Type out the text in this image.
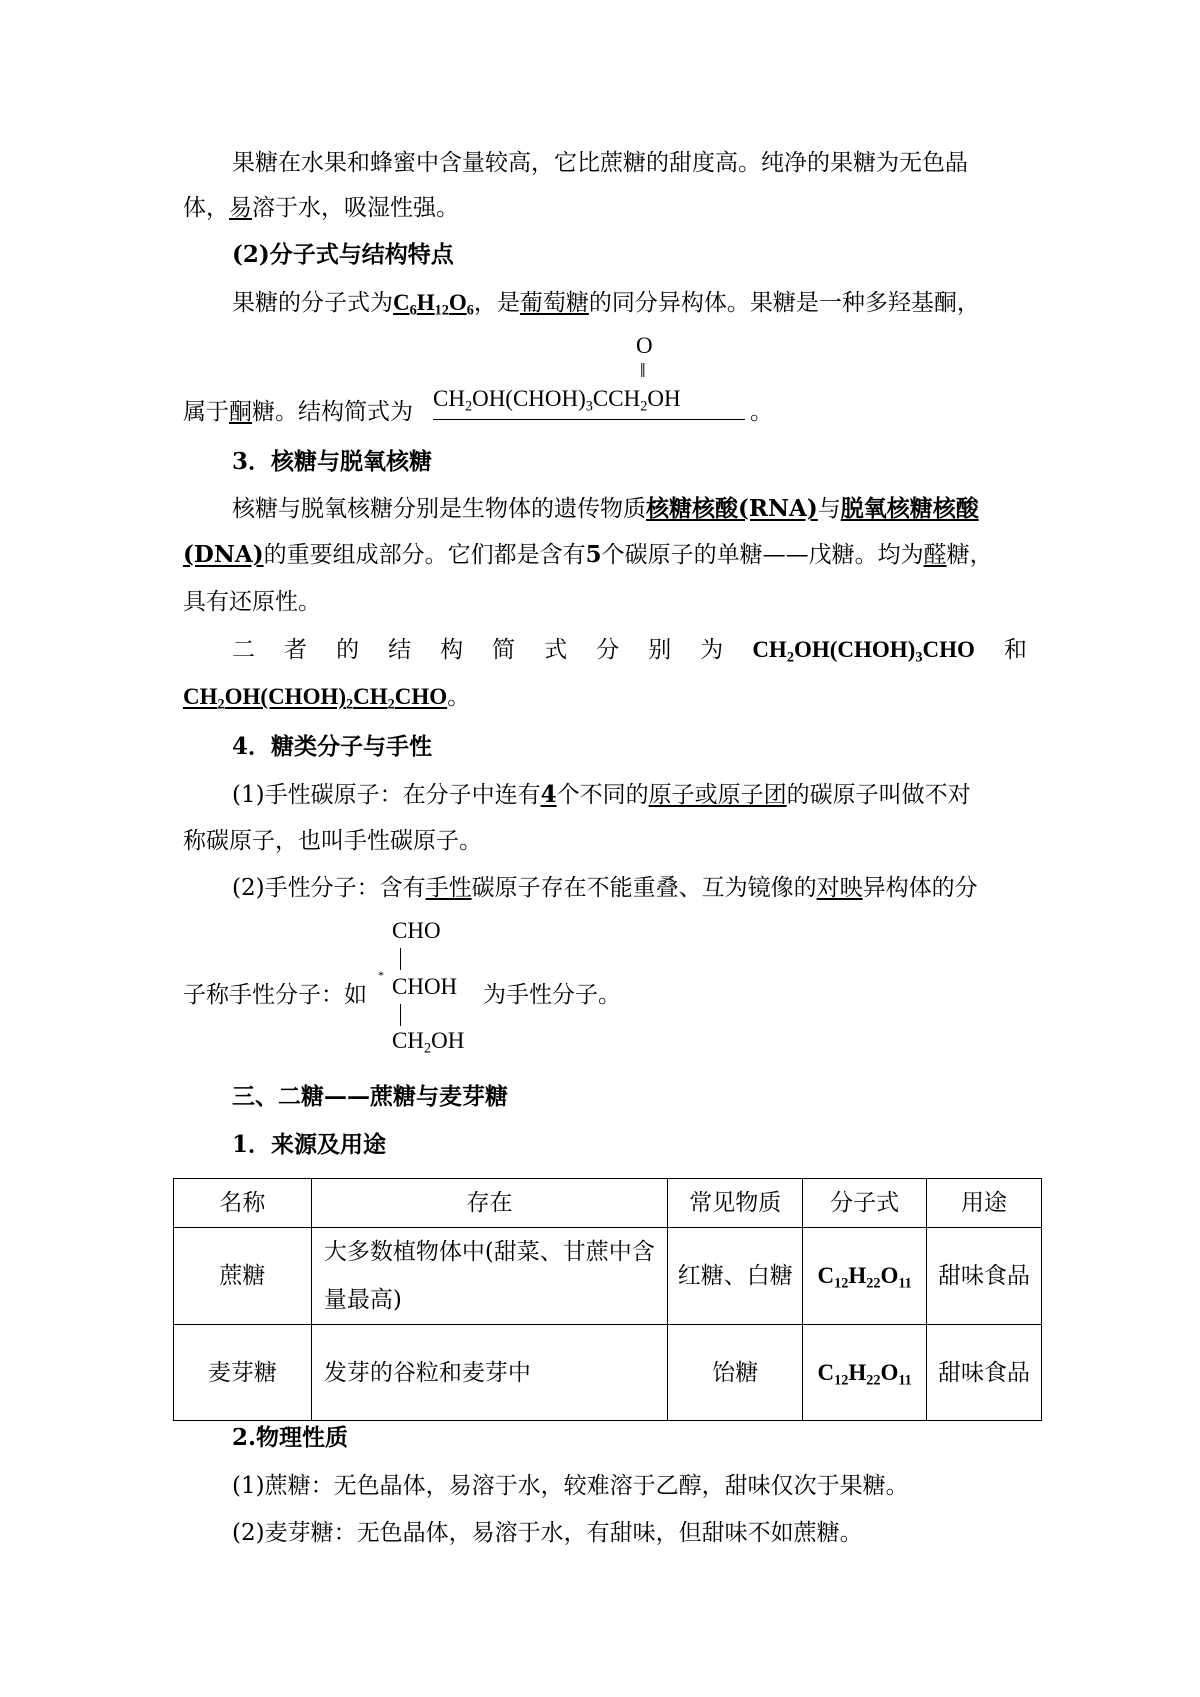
果糖在水果和蜂蜜中含量较高，它比蔗糖的甜度高。纯净的果糖为无色晶
体，易溶于水，吸湿性强。
(2)分子式与结构特点
果糖的分子式为$C_6H_{12}O_6$，是葡萄糖的同分异构体。果糖是一种多羟基酮，
属于酮糖。结构简式为
O
‖
$CH_2OH(CHOH)_3CCH_2OH$
。
3．核糖与脱氧核糖
核糖与脱氧核糖分别是生物体的遗传物质核糖核酸(RNA)与脱氧核糖核酸
(DNA)的重要组成部分。它们都是含有5个碳原子的单糖——戊糖。均为醛糖，
具有还原性。
二 者 的 结 构 简 式 分 别 为 $CH_2OH(CHOH)_3CHO$ 和
$CH_2OH(CHOH)_2CH_2CHO$。
4．糖类分子与手性
(1)手性碳原子：在分子中连有4个不同的原子或原子团的碳原子叫做不对
称碳原子，也叫手性碳原子。
(2)手性分子：含有手性碳原子存在不能重叠、互为镜像的对映异构体的分
子称手性分子：如
CHO
* CHOH
$CH_2OH$
为手性分子。
三、二糖——蔗糖与麦芽糖
1．来源及用途
名称	存在	常见物质	分子式	用途
蔗糖	大多数植物体中(甜菜、甘蔗中含量最高)	红糖、白糖	$C_{12}H_{22}O_{11}$	甜味食品
麦芽糖	发芽的谷粒和麦芽中	饴糖	$C_{12}H_{22}O_{11}$	甜味食品
2.物理性质
(1)蔗糖：无色晶体，易溶于水，较难溶于乙醇，甜味仅次于果糖。
(2)麦芽糖：无色晶体，易溶于水，有甜味，但甜味不如蔗糖。
